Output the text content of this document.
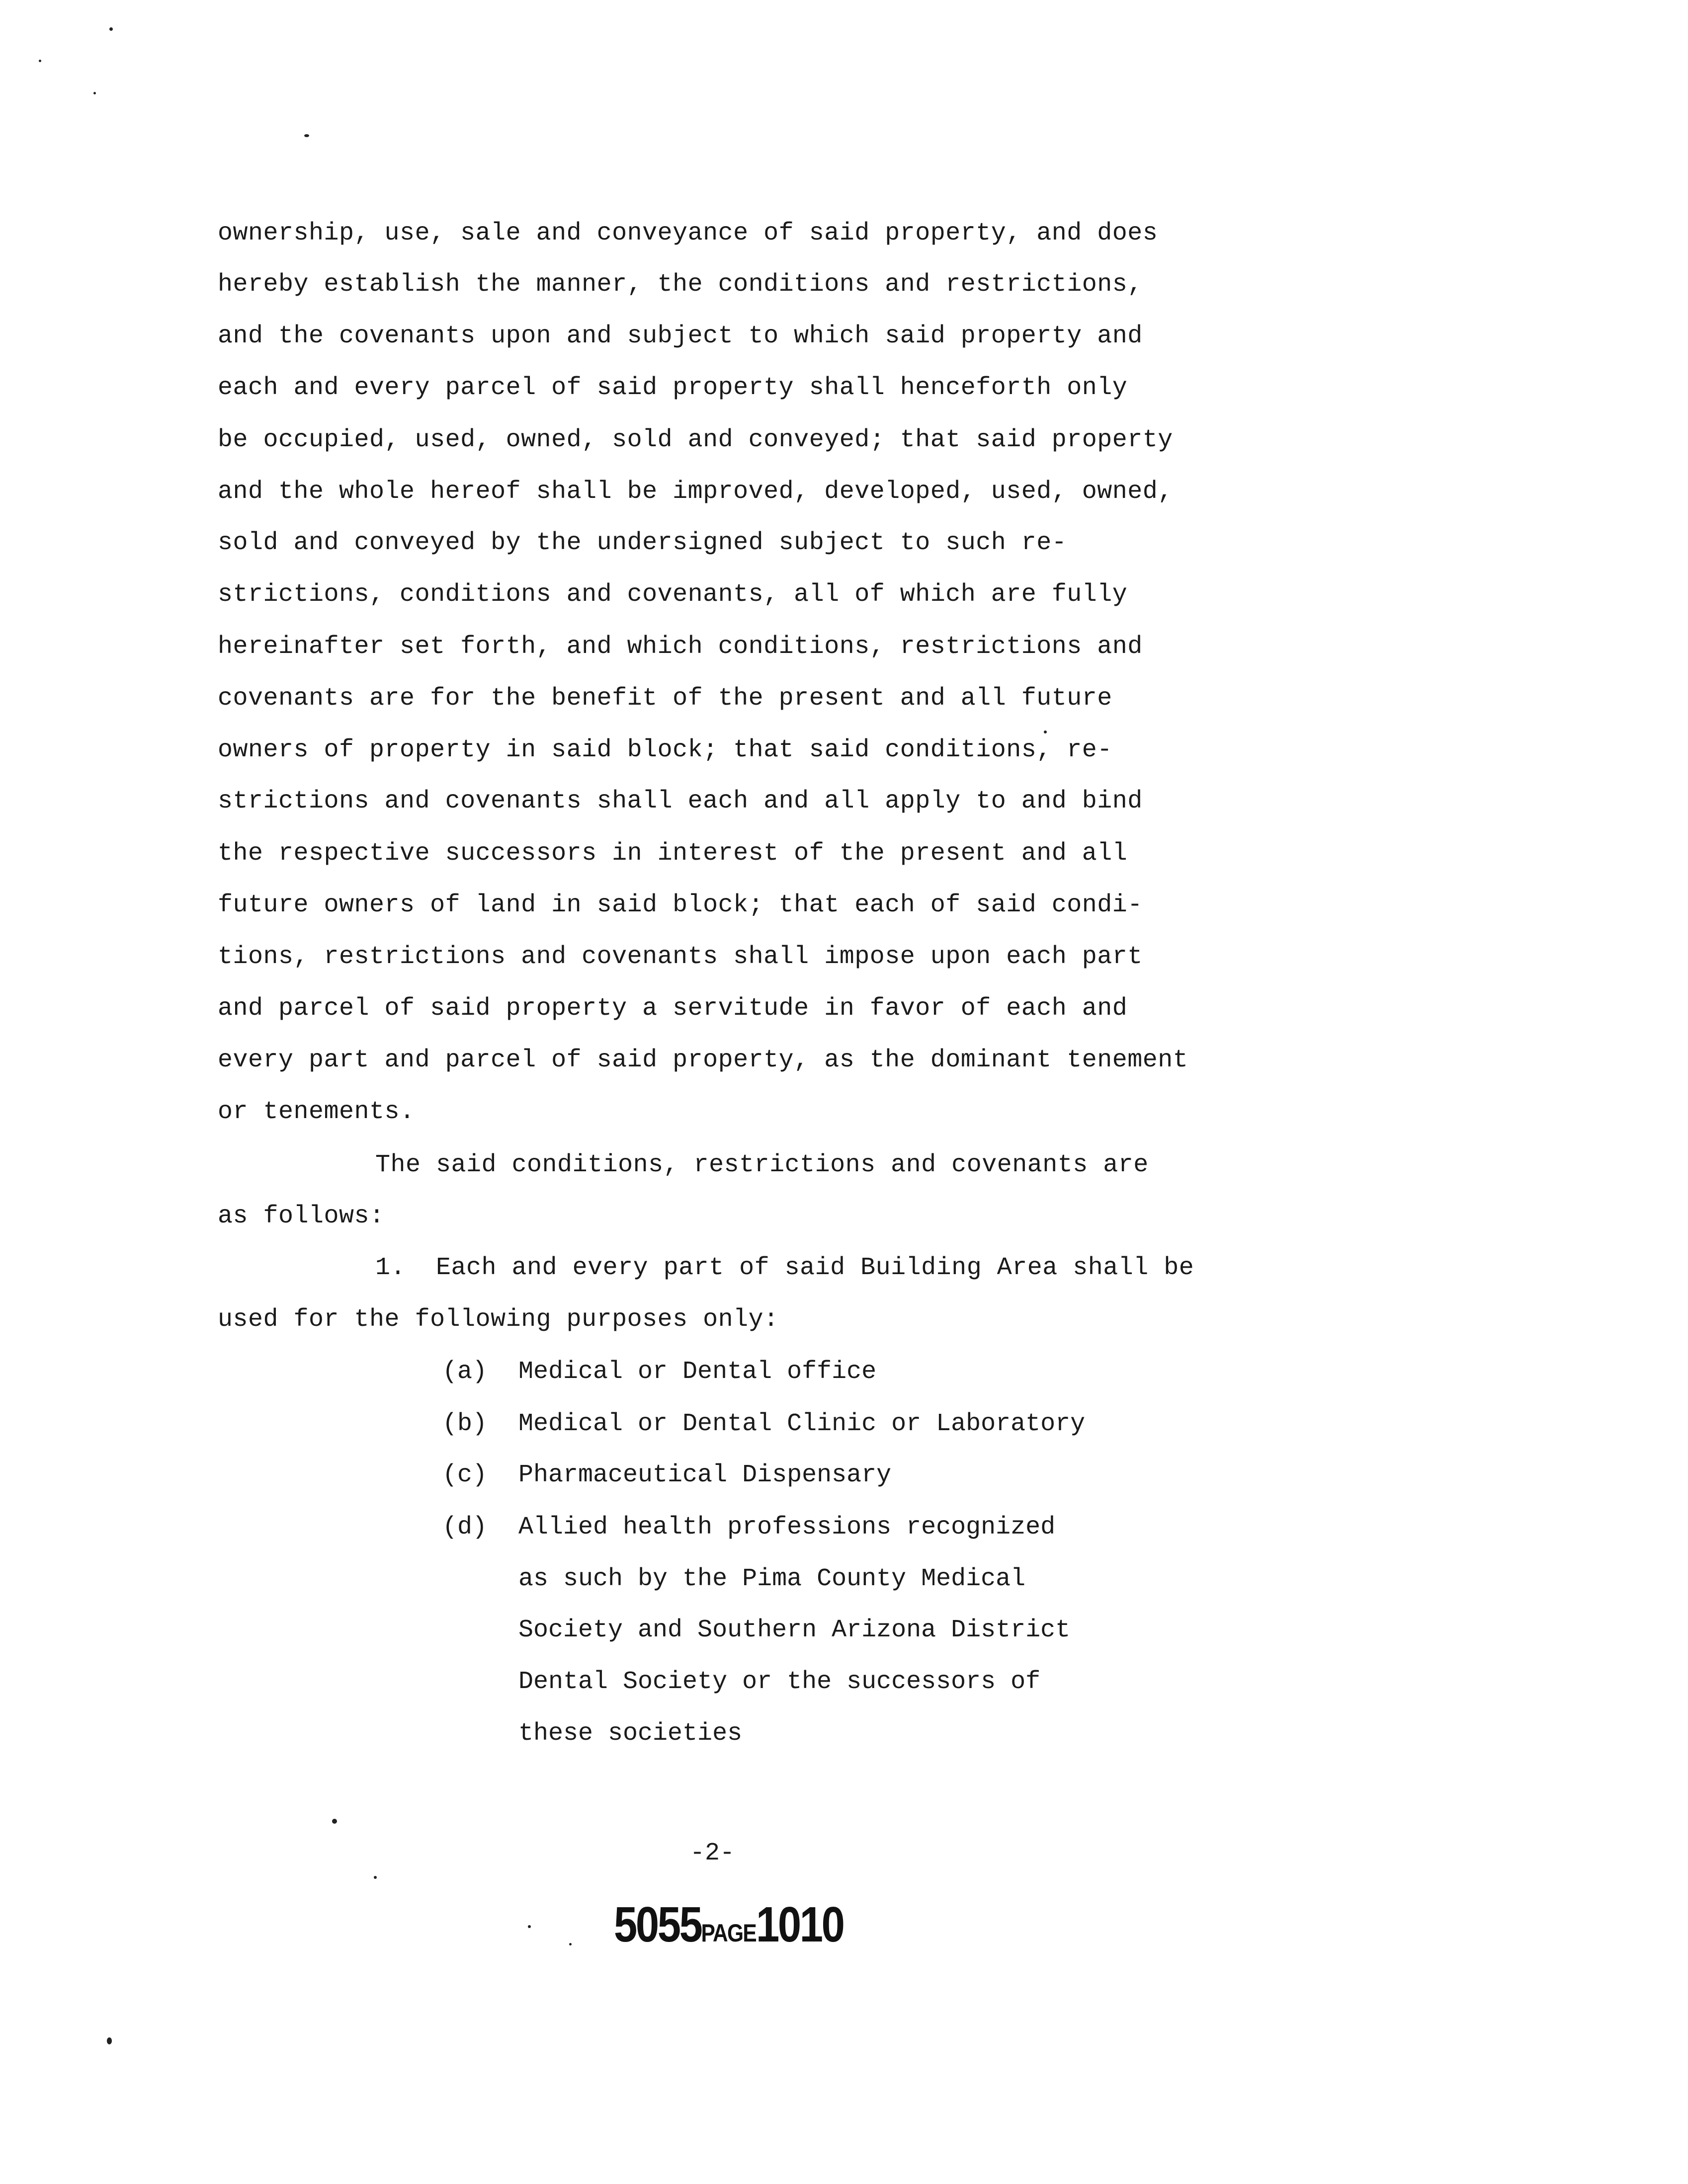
ownership, use, sale and conveyance of said property, and does
hereby establish the manner, the conditions and restrictions,
and the covenants upon and subject to which said property and
each and every parcel of said property shall henceforth only
be occupied, used, owned, sold and conveyed; that said property
and the whole hereof shall be improved, developed, used, owned,
sold and conveyed by the undersigned subject to such re-
strictions, conditions and covenants, all of which are fully
hereinafter set forth, and which conditions, restrictions and
covenants are for the benefit of the present and all future
owners of property in said block; that said conditions, re-
strictions and covenants shall each and all apply to and bind
the respective successors in interest of the present and all
future owners of land in said block; that each of said condi-
tions, restrictions and covenants shall impose upon each part
and parcel of said property a servitude in favor of each and
every part and parcel of said property, as the dominant tenement
or tenements.
The said conditions, restrictions and covenants are
as follows:
1.  Each and every part of said Building Area shall be
used for the following purposes only:
(a) Medical or Dental office
(b) Medical or Dental Clinic or Laboratory
(c) Pharmaceutical Dispensary
(d) Allied health professions recognized
as such by the Pima County Medical
Society and Southern Arizona District
Dental Society or the successors of
these societies
-2-
5055PAGE1010
